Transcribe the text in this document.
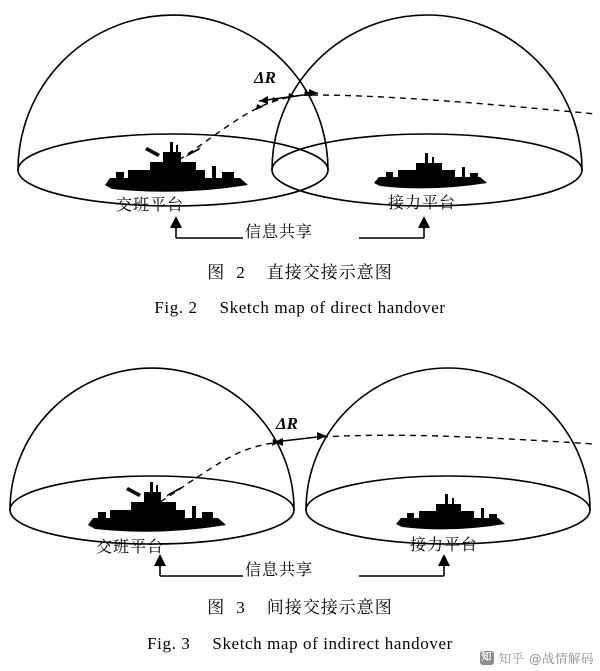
ΔR
交班平台	接力平台
信息共享
图 2 直接交接示意图
Fig. 2 Sketch map of direct handover
ΔR
交班平台	接力平台
信息共享
图 3 间接交接示意图
Fig. 3 Sketch map of indirect handover
知 知乎 @战情解码
